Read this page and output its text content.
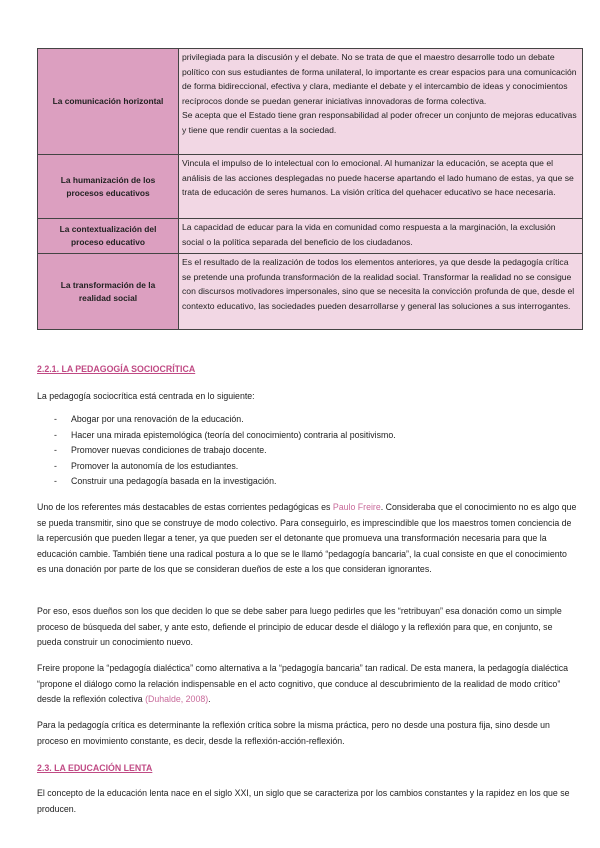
La comunicación horizontal	privilegiada para la discusión y el debate. No se trata de que el maestro desarrolle todo un debate político con sus estudiantes de forma unilateral, lo importante es crear espacios para una comunicación de forma bidireccional, efectiva y clara, mediante el debate y el intercambio de ideas y conocimientos recíprocos donde se puedan generar iniciativas innovadoras de forma colectiva.

Se acepta que el Estado tiene gran responsabilidad al poder ofrecer un conjunto de mejoras educativas y tiene que rendir cuentas a la sociedad.

La humanización de los procesos educativos	Vincula el impulso de lo intelectual con lo emocional. Al humanizar la educación, se acepta que el análisis de las acciones desplegadas no puede hacerse apartando el lado humano de estas, ya que se trata de educación de seres humanos. La visión crítica del quehacer educativo se hace necesaria.

La contextualización del proceso educativo	La capacidad de educar para la vida en comunidad como respuesta a la marginación, la exclusión social o la política separada del beneficio de los ciudadanos.

La transformación de la realidad social	Es el resultado de la realización de todos los elementos anteriores, ya que desde la pedagogía crítica se pretende una profunda transformación de la realidad social. Transformar la realidad no se consigue con discursos motivadores impersonales, sino que se necesita la convicción profunda de que, desde el contexto educativo, las sociedades pueden desarrollarse y general las soluciones a sus interrogantes.

2.2.1. LA PEDAGOGÍA SOCIOCRÍTICA

La pedagogía sociocrítica está centrada en lo siguiente:

- Abogar por una renovación de la educación.
- Hacer una mirada epistemológica (teoría del conocimiento) contraria al positivismo.
- Promover nuevas condiciones de trabajo docente.
- Promover la autonomía de los estudiantes.
- Construir una pedagogía basada en la investigación.

Uno de los referentes más destacables de estas corrientes pedagógicas es Paulo Freire. Consideraba que el conocimiento no es algo que se pueda transmitir, sino que se construye de modo colectivo. Para conseguirlo, es imprescindible que los maestros tomen conciencia de la repercusión que pueden llegar a tener, ya que pueden ser el detonante que promueva una transformación necesaria para que la educación cambie. También tiene una radical postura a lo que se le llamó “pedagogía bancaria”, la cual consiste en que el conocimiento es una donación por parte de los que se consideran dueños de este a los que consideran ignorantes.

Por eso, esos dueños son los que deciden lo que se debe saber para luego pedirles que les “retribuyan” esa donación como un simple proceso de búsqueda del saber, y ante esto, defiende el principio de educar desde el diálogo y la reflexión para que, en conjunto, se pueda construir un conocimiento nuevo.

Freire propone la “pedagogía dialéctica” como alternativa a la “pedagogía bancaria” tan radical. De esta manera, la pedagogía dialéctica “propone el diálogo como la relación indispensable en el acto cognitivo, que conduce al descubrimiento de la realidad de modo crítico” desde la reflexión colectiva (Duhalde, 2008).

Para la pedagogía crítica es determinante la reflexión crítica sobre la misma práctica, pero no desde una postura fija, sino desde un proceso en movimiento constante, es decir, desde la reflexión-acción-reflexión.

2.3. LA EDUCACIÓN LENTA

El concepto de la educación lenta nace en el siglo XXI, un siglo que se caracteriza por los cambios constantes y la rapidez en los que se producen.
